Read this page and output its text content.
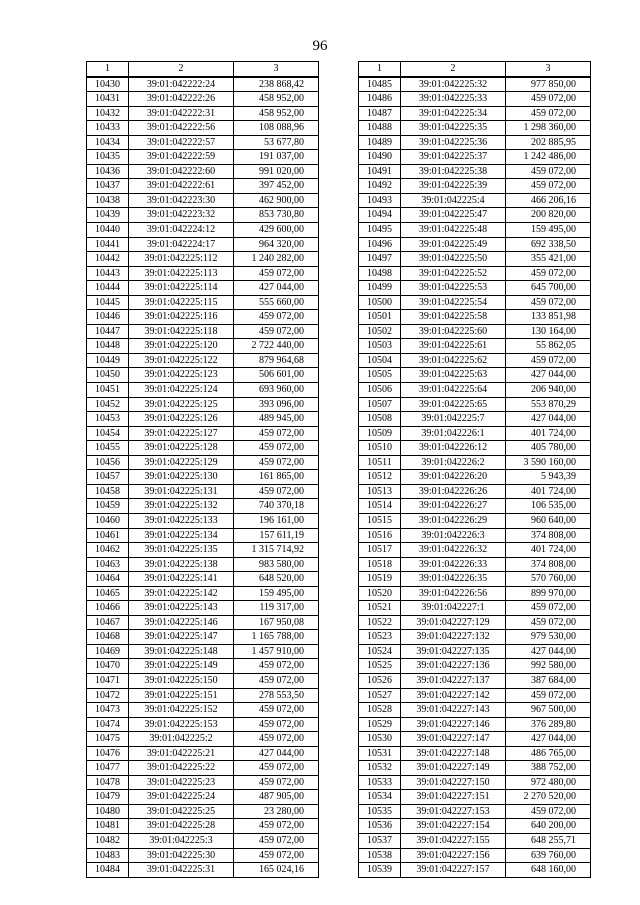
96
1	2	3
10430	39:01:042222:24	238 868,42
10431	39:01:042222:26	458 952,00
10432	39:01:042222:31	458 952,00
10433	39:01:042222:56	108 088,96
10434	39:01:042222:57	53 677,80
10435	39:01:042222:59	191 037,00
10436	39:01:042222:60	991 020,00
10437	39:01:042222:61	397 452,00
10438	39:01:042223:30	462 900,00
10439	39:01:042223:32	853 730,80
10440	39:01:042224:12	429 600,00
10441	39:01:042224:17	964 320,00
10442	39:01:042225:112	1 240 282,00
10443	39:01:042225:113	459 072,00
10444	39:01:042225:114	427 044,00
10445	39:01:042225:115	555 660,00
10446	39:01:042225:116	459 072,00
10447	39:01:042225:118	459 072,00
10448	39:01:042225:120	2 722 440,00
10449	39:01:042225:122	879 964,68
10450	39:01:042225:123	506 601,00
10451	39:01:042225:124	693 960,00
10452	39:01:042225:125	393 096,00
10453	39:01:042225:126	489 945,00
10454	39:01:042225:127	459 072,00
10455	39:01:042225:128	459 072,00
10456	39:01:042225:129	459 072,00
10457	39:01:042225:130	161 865,00
10458	39:01:042225:131	459 072,00
10459	39:01:042225:132	740 370,18
10460	39:01:042225:133	196 161,00
10461	39:01:042225:134	157 611,19
10462	39:01:042225:135	1 315 714,92
10463	39:01:042225:138	983 580,00
10464	39:01:042225:141	648 520,00
10465	39:01:042225:142	159 495,00
10466	39:01:042225:143	119 317,00
10467	39:01:042225:146	167 950,08
10468	39:01:042225:147	1 165 788,00
10469	39:01:042225:148	1 457 910,00
10470	39:01:042225:149	459 072,00
10471	39:01:042225:150	459 072,00
10472	39:01:042225:151	278 553,50
10473	39:01:042225:152	459 072,00
10474	39:01:042225:153	459 072,00
10475	39:01:042225:2	459 072,00
10476	39:01:042225:21	427 044,00
10477	39:01:042225:22	459 072,00
10478	39:01:042225:23	459 072,00
10479	39:01:042225:24	487 905,00
10480	39:01:042225:25	23 280,00
10481	39:01:042225:28	459 072,00
10482	39:01:042225:3	459 072,00
10483	39:01:042225:30	459 072,00
10484	39:01:042225:31	165 024,16
1	2	3
10485	39:01:042225:32	977 850,00
10486	39:01:042225:33	459 072,00
10487	39:01:042225:34	459 072,00
10488	39:01:042225:35	1 298 360,00
10489	39:01:042225:36	202 885,95
10490	39:01:042225:37	1 242 486,00
10491	39:01:042225:38	459 072,00
10492	39:01:042225:39	459 072,00
10493	39:01:042225:4	466 206,16
10494	39:01:042225:47	200 820,00
10495	39:01:042225:48	159 495,00
10496	39:01:042225:49	692 338,50
10497	39:01:042225:50	355 421,00
10498	39:01:042225:52	459 072,00
10499	39:01:042225:53	645 700,00
10500	39:01:042225:54	459 072,00
10501	39:01:042225:58	133 851,98
10502	39:01:042225:60	130 164,00
10503	39:01:042225:61	55 862,05
10504	39:01:042225:62	459 072,00
10505	39:01:042225:63	427 044,00
10506	39:01:042225:64	206 940,00
10507	39:01:042225:65	553 870,29
10508	39:01:042225:7	427 044,00
10509	39:01:042226:1	401 724,00
10510	39:01:042226:12	405 780,00
10511	39:01:042226:2	3 590 160,00
10512	39:01:042226:20	5 943,39
10513	39:01:042226:26	401 724,00
10514	39:01:042226:27	106 535,00
10515	39:01:042226:29	960 640,00
10516	39:01:042226:3	374 808,00
10517	39:01:042226:32	401 724,00
10518	39:01:042226:33	374 808,00
10519	39:01:042226:35	570 760,00
10520	39:01:042226:56	899 970,00
10521	39:01:042227:1	459 072,00
10522	39:01:042227:129	459 072,00
10523	39:01:042227:132	979 530,00
10524	39:01:042227:135	427 044,00
10525	39:01:042227:136	992 580,00
10526	39:01:042227:137	387 684,00
10527	39:01:042227:142	459 072,00
10528	39:01:042227:143	967 500,00
10529	39:01:042227:146	376 289,80
10530	39:01:042227:147	427 044,00
10531	39:01:042227:148	486 765,00
10532	39:01:042227:149	388 752,00
10533	39:01:042227:150	972 480,00
10534	39:01:042227:151	2 270 520,00
10535	39:01:042227:153	459 072,00
10536	39:01:042227:154	640 200,00
10537	39:01:042227:155	648 255,71
10538	39:01:042227:156	639 760,00
10539	39:01:042227:157	648 160,00
